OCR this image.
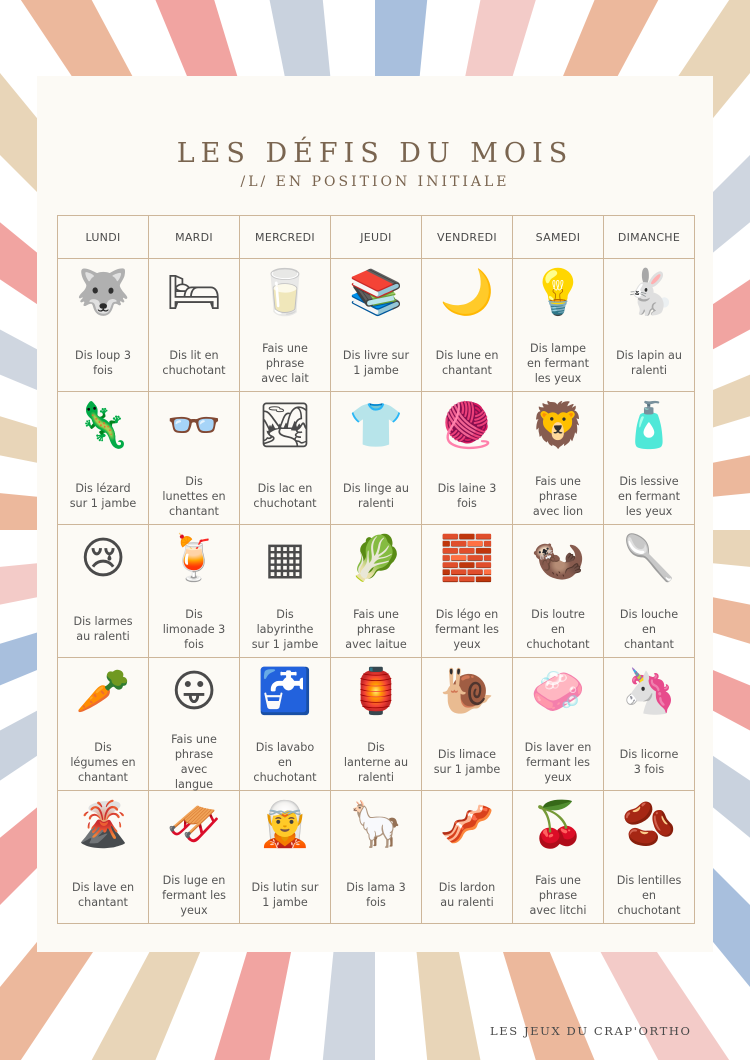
LES DÉFIS DU MOIS
/L/ EN POSITION INITIALE
LUNDI	MARDI	MERCREDI	JEUDI	VENDREDI	SAMEDI	DIMANCHE

🐺
Dis loup 3
fois	🛏
Dis lit en
chuchotant	🥛
Fais une
phrase
avec lait	📚
Dis livre sur
1 jambe	🌙
Dis lune en
chantant	💡
Dis lampe
en fermant
les yeux	🐇
Dis lapin au
ralenti

🦎
Dis lézard
sur 1 jambe	👓
Dis
lunettes en
chantant	🏞
Dis lac en
chuchotant	👕
Dis linge au
ralenti	🧶
Dis laine 3
fois	🦁
Fais une
phrase
avec lion	🧴
Dis lessive
en fermant
les yeux

😢
Dis larmes
au ralenti	🍹
Dis
limonade 3
fois	▦
Dis
labyrinthe
sur 1 jambe	🥬
Fais une
phrase
avec laitue	🧱
Dis légo en
fermant les
yeux	🦦
Dis loutre
en
chuchotant	🥄
Dis louche
en
chantant

🥕
Dis
légumes en
chantant	😛
Fais une
phrase
avec
langue	🚰
Dis lavabo
en
chuchotant	🏮
Dis
lanterne au
ralenti	🐌
Dis limace
sur 1 jambe	🧼
Dis laver en
fermant les
yeux	🦄
Dis licorne
3 fois

🌋
Dis lave en
chantant	🛷
Dis luge en
fermant les
yeux	🧝
Dis lutin sur
1 jambe	🦙
Dis lama 3
fois	🥓
Dis lardon
au ralenti	🍒
Fais une
phrase
avec litchi	🫘
Dis lentilles
en
chuchotant
LES JEUX DU CRAP'ORTHO
